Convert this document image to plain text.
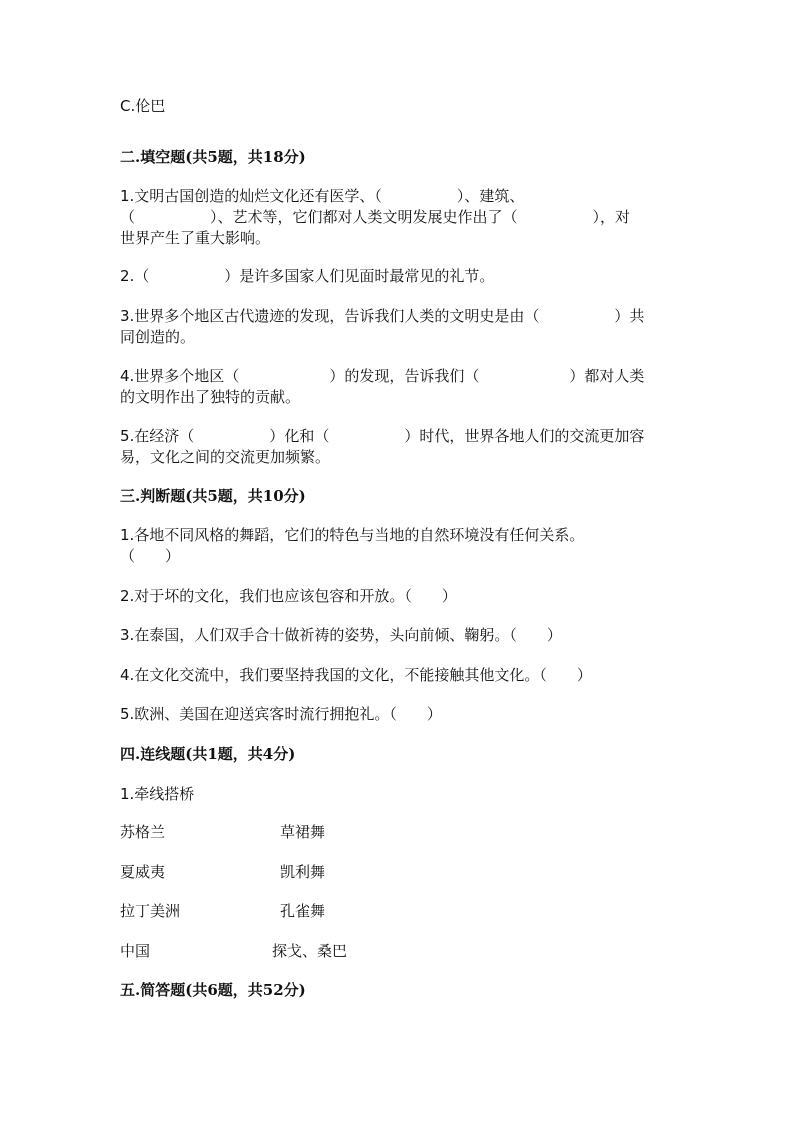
C.伦巴
二.填空题(共5题，共18分)
1.文明古国创造的灿烂文化还有医学、（　　　　　）、建筑、
（　　　　　）、艺术等，它们都对人类文明发展史作出了（　　　　　），对
世界产生了重大影响。
2.（　　　　　）是许多国家人们见面时最常见的礼节。
3.世界多个地区古代遗迹的发现，告诉我们人类的文明史是由（　　　　　）共
同创造的。
4.世界多个地区（　　　　　　）的发现，告诉我们（　　　　　　）都对人类
的文明作出了独特的贡献。
5.在经济（　　　　　）化和（　　　　　）时代，世界各地人们的交流更加容
易，文化之间的交流更加频繁。
三.判断题(共5题，共10分)
1.各地不同风格的舞蹈，它们的特色与当地的自然环境没有任何关系。
（　　）
2.对于坏的文化，我们也应该包容和开放。（　　）
3.在泰国，人们双手合十做祈祷的姿势，头向前倾、鞠躬。（　　）
4.在文化交流中，我们要坚持我国的文化，不能接触其他文化。（　　）
5.欧洲、美国在迎送宾客时流行拥抱礼。（　　）
四.连线题(共1题，共4分)
1.牵线搭桥
苏格兰	草裙舞
夏威夷	凯利舞
拉丁美洲	孔雀舞
中国	探戈、桑巴
五.简答题(共6题，共52分)
